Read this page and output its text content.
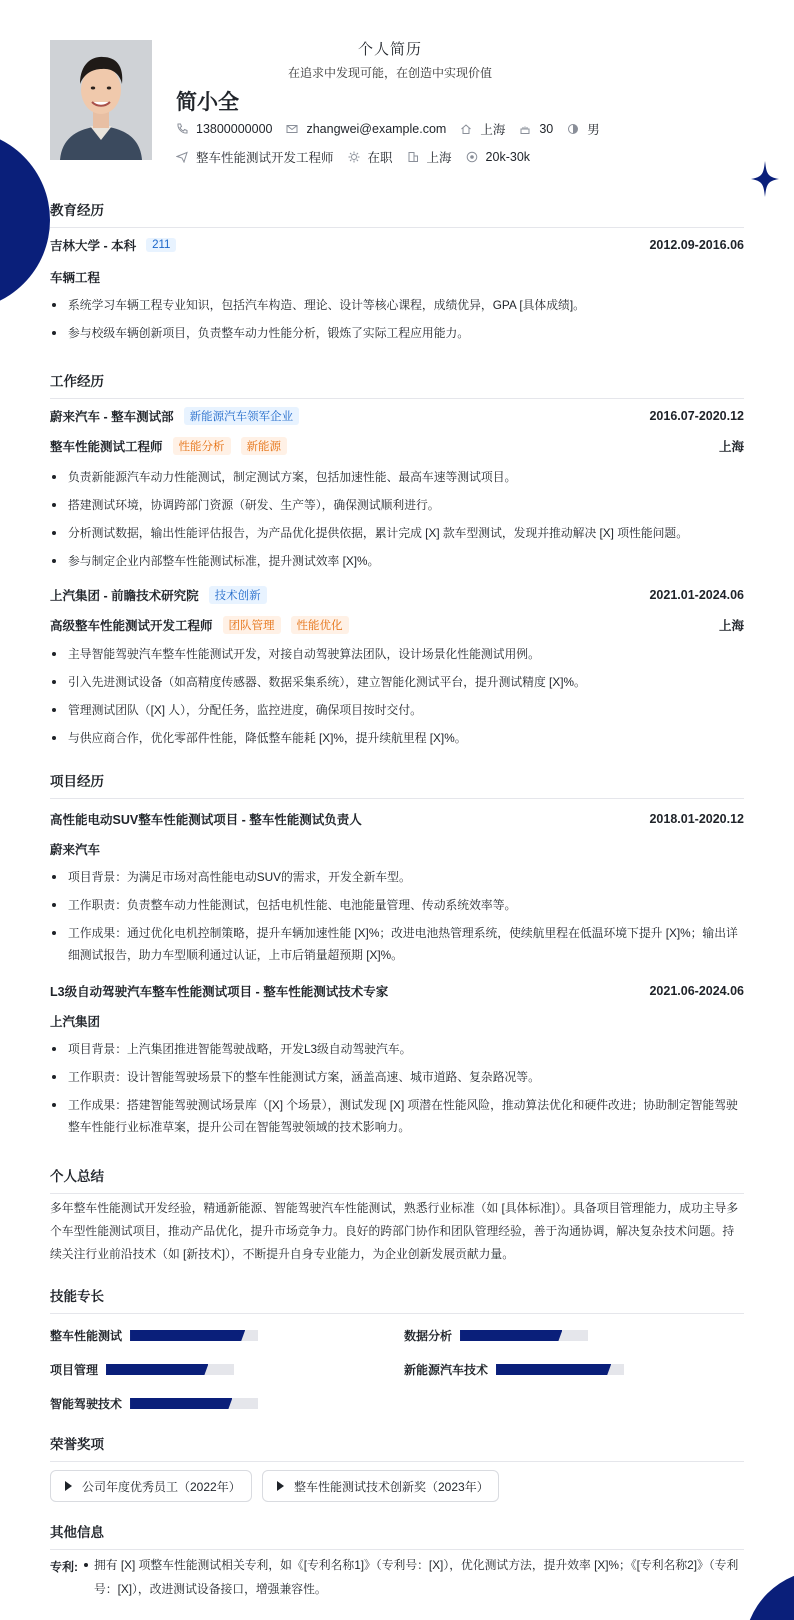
个人简历
在追求中发现可能，在创造中实现价值
简小全
13800000000	zhangwei@example.com	上海	30	男
整车性能测试开发工程师	在职	上海	20k-30k
教育经历
吉林大学 - 本科	211	2012.09-2016.06
车辆工程
系统学习车辆工程专业知识，包括汽车构造、理论、设计等核心课程，成绩优异，GPA [具体成绩]。
参与校级车辆创新项目，负责整车动力性能分析，锻炼了实际工程应用能力。
工作经历
蔚来汽车 - 整车测试部	新能源汽车领军企业	2016.07-2020.12
整车性能测试工程师	性能分析	新能源	上海
负责新能源汽车动力性能测试，制定测试方案，包括加速性能、最高车速等测试项目。
搭建测试环境，协调跨部门资源（研发、生产等），确保测试顺利进行。
分析测试数据，输出性能评估报告，为产品优化提供依据，累计完成 [X] 款车型测试，发现并推动解决 [X] 项性能问题。
参与制定企业内部整车性能测试标准，提升测试效率 [X]%。
上汽集团 - 前瞻技术研究院	技术创新	2021.01-2024.06
高级整车性能测试开发工程师	团队管理	性能优化	上海
主导智能驾驶汽车整车性能测试开发，对接自动驾驶算法团队，设计场景化性能测试用例。
引入先进测试设备（如高精度传感器、数据采集系统），建立智能化测试平台，提升测试精度 [X]%。
管理测试团队（[X] 人），分配任务，监控进度，确保项目按时交付。
与供应商合作，优化零部件性能，降低整车能耗 [X]%，提升续航里程 [X]%。
项目经历
高性能电动SUV整车性能测试项目 - 整车性能测试负责人	2018.01-2020.12
蔚来汽车
项目背景：为满足市场对高性能电动SUV的需求，开发全新车型。
工作职责：负责整车动力性能测试，包括电机性能、电池能量管理、传动系统效率等。
工作成果：通过优化电机控制策略，提升车辆加速性能 [X]%；改进电池热管理系统，使续航里程在低温环境下提升 [X]%；输出详细测试报告，助力车型顺利通过认证，上市后销量超预期 [X]%。
L3级自动驾驶汽车整车性能测试项目 - 整车性能测试技术专家	2021.06-2024.06
上汽集团
项目背景：上汽集团推进智能驾驶战略，开发L3级自动驾驶汽车。
工作职责：设计智能驾驶场景下的整车性能测试方案，涵盖高速、城市道路、复杂路况等。
工作成果：搭建智能驾驶测试场景库（[X] 个场景），测试发现 [X] 项潜在性能风险，推动算法优化和硬件改进；协助制定智能驾驶整车性能行业标准草案，提升公司在智能驾驶领域的技术影响力。
个人总结
多年整车性能测试开发经验，精通新能源、智能驾驶汽车性能测试，熟悉行业标准（如 [具体标准]）。具备项目管理能力，成功主导多个车型性能测试项目，推动产品优化，提升市场竞争力。良好的跨部门协作和团队管理经验，善于沟通协调，解决复杂技术问题。持续关注行业前沿技术（如 [新技术]），不断提升自身专业能力，为企业创新发展贡献力量。
技能专长
整车性能测试	数据分析
项目管理	新能源汽车技术
智能驾驶技术
荣誉奖项
公司年度优秀员工（2022年）	整车性能测试技术创新奖（2023年）
其他信息
专利:	拥有 [X] 项整车性能测试相关专利，如《[专利名称1]》（专利号：[X]），优化测试方法，提升效率 [X]%；《[专利名称2]》（专利号：[X]），改进测试设备接口，增强兼容性。
